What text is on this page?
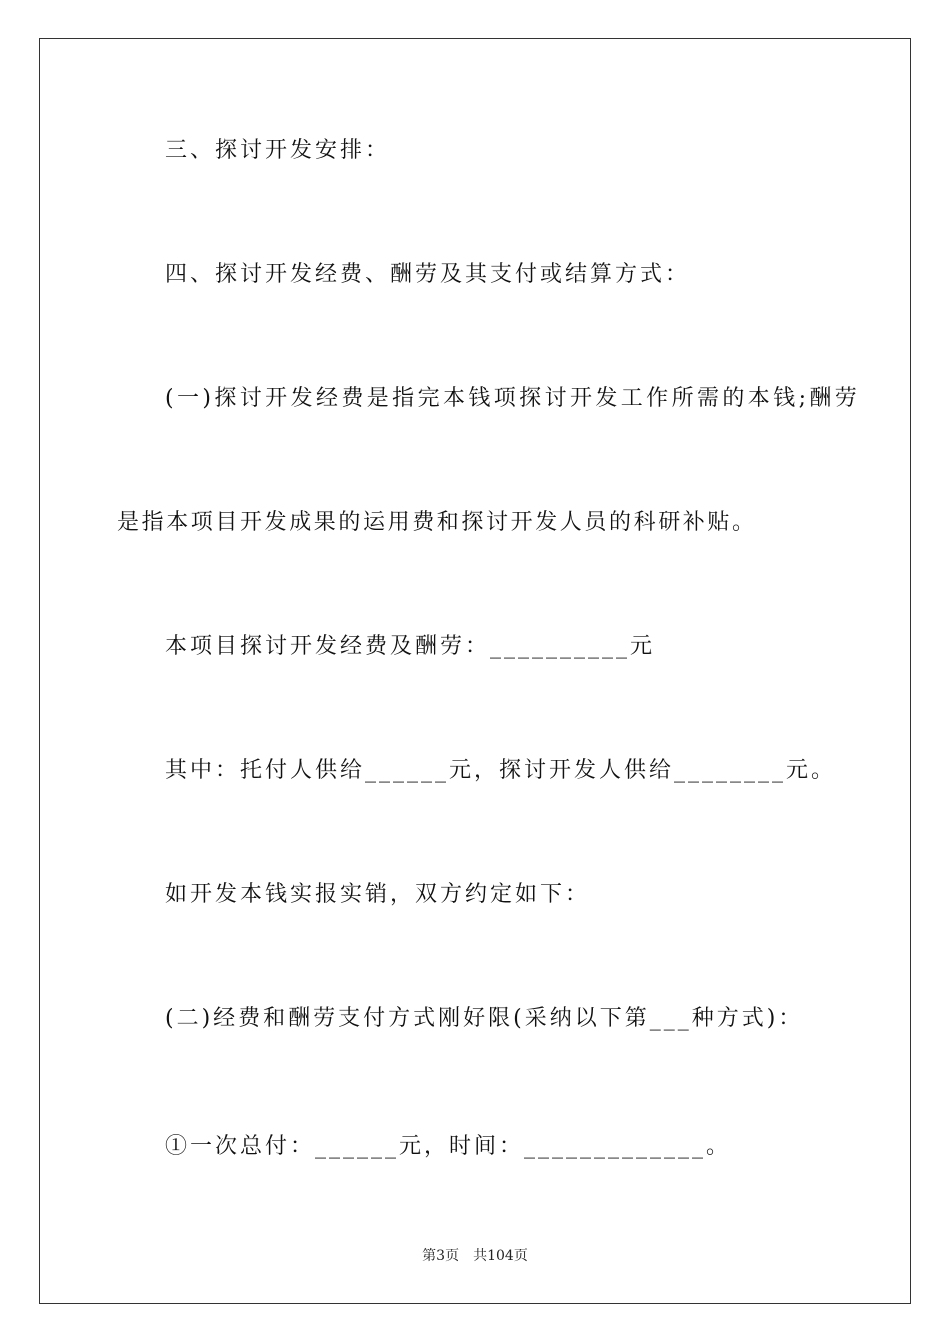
三、探讨开发安排：
四、探讨开发经费、酬劳及其支付或结算方式：
(一)探讨开发经费是指完本钱项探讨开发工作所需的本钱;酬劳
是指本项目开发成果的运用费和探讨开发人员的科研补贴。
本项目探讨开发经费及酬劳：__________元
其中：托付人供给______元，探讨开发人供给________元。
如开发本钱实报实销，双方约定如下：
(二)经费和酬劳支付方式刚好限(采纳以下第___种方式)：
①一次总付：______元，时间：_____________。
第3页 共104页
